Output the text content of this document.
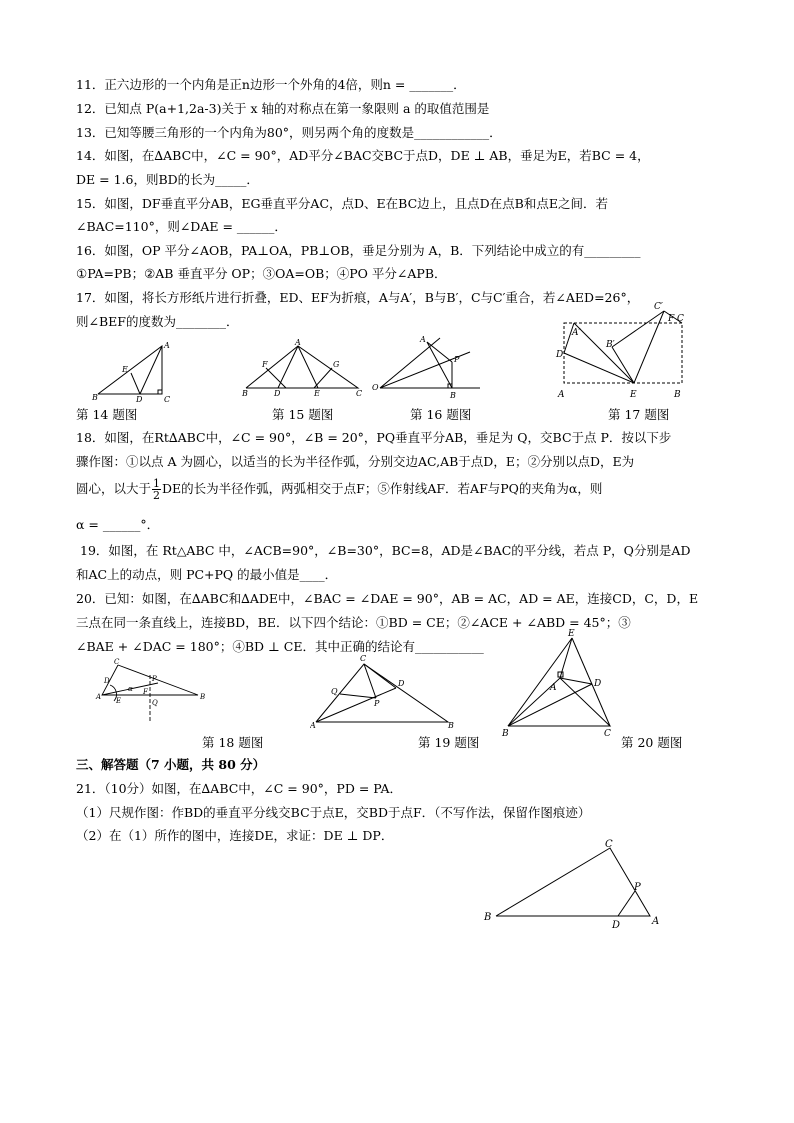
11．正六边形的一个内角是正n边形一个外角的4倍，则n = _______．
12．已知点 P(a+1,2a-3)关于 x 轴的对称点在第一象限则 a 的取值范围是
13．已知等腰三角形的一个内角为80°，则另两个角的度数是____________．
14．如图，在∆ABC中，∠C = 90°，AD平分∠BAC交BC于点D，DE ⊥ AB，垂足为E，若BC = 4，
DE = 1.6，则BD的长为_____．
15．如图，DF垂直平分AB，EG垂直平分AC，点D、E在BC边上，且点D在点B和点E之间．若
∠BAC=110°，则∠DAE = ______．
16．如图，OP 平分∠AOB，PA⊥OA，PB⊥OB，垂足分别为 A，B．下列结论中成立的有_________
①PA=PB；②AB 垂直平分 OP；③OA=OB；④PO 平分∠APB．
17．如图，将长方形纸片进行折叠，ED、EF为折痕，A与A′，B与B′，C与C′重合，若∠AED=26°，
则∠BEF的度数为________．
B
A
C
D
E
第 14 题图
B
A
C
D	E
F	G
第 15 题图
O
A
P
B
第 16 题图
D
A′
B′
C′
F C
A	E	B
第 17 题图
18．如图，在Rt∆ABC中，∠C = 90°，∠B = 20°，PQ垂直平分AB，垂足为 Q，交BC于点 P．按以下步
骤作图：①以点 A 为圆心，以适当的长为半径作弧，分别交边AC,AB于点D，E；②分别以点D，E为
圆心，以大于 $\frac{1}{2}$ DE的长为半径作弧，两弧相交于点F；⑤作射线AF．若AF与PQ的夹角为α，则
α = ______°．
19．如图，在 Rt△ABC 中，∠ACB=90°，∠B=30°，BC=8，AD是∠BAC的平分线，若点 P，Q分别是AD
和AC上的动点，则 PC+PQ 的最小值是____．
20．已知：如图，在∆ABC和∆ADE中，∠BAC = ∠DAE = 90°，AB = AC，AD = AE，连接CD，C，D，E
三点在同一条直线上，连接BD，BE．以下四个结论：①BD = CE；②∠ACE + ∠ABD = 45°；③
∠BAE + ∠DAC = 180°；④BD ⊥ CE．其中正确的结论有___________
C
A	B
D
E
F
P
Q
α
第 18 题图
A
C
B
D
Q
P
第 19 题图
E
A	D
B	C
第 20 题图
三、解答题（7 小题，共 80 分）
21．（10分）如图，在∆ABC中，∠C = 90°，PD = PA．
（1）尺规作图：作BD的垂直平分线交BC于点E，交BD于点F．（不写作法，保留作图痕迹）
（2）在（1）所作的图中，连接DE，求证：DE ⊥ DP．
B
C
A
P
D
